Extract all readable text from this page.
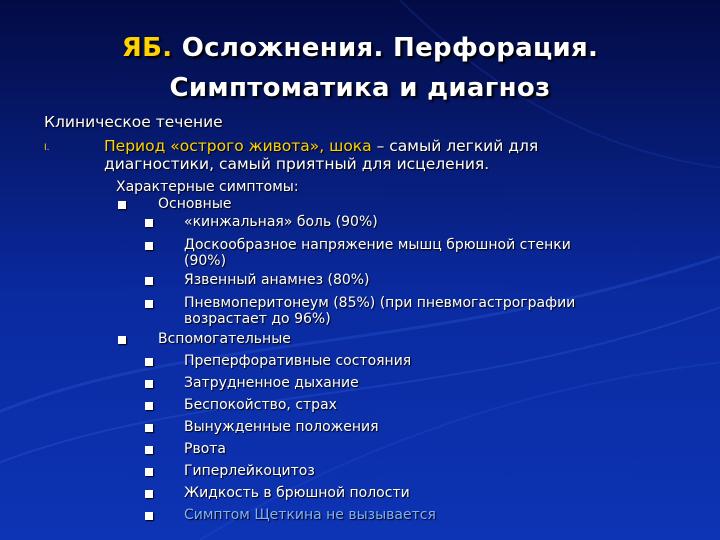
ЯБ. Осложнения. Перфорация.
Симптоматика и диагноз
Клиническое течение
I.	Период «острого живота», шока – самый легкий для
диагностики, самый приятный для исцеления.
Характерные симптомы:
Основные
«кинжальная» боль (90%)
Доскообразное напряжение мышц брюшной стенки
(90%)
Язвенный анамнез (80%)
Пневмоперитонеум (85%) (при пневмогастрографии
возрастает до 96%)
Вспомогательные
Преперфоративные состояния
Затрудненное дыхание
Беспокойство, страх
Вынужденные положения
Рвота
Гиперлейкоцитоз
Жидкость в брюшной полости
Симптом Щеткина не вызывается
